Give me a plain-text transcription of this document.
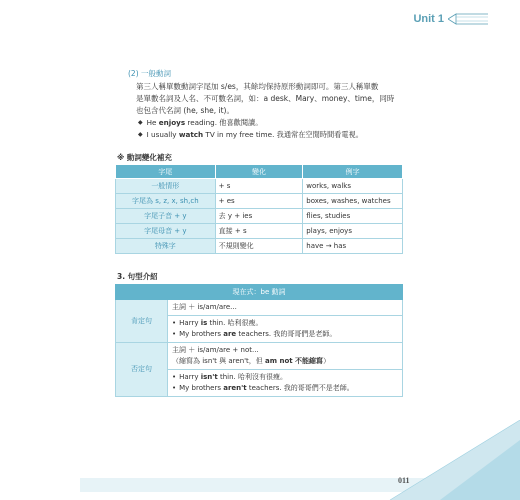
Unit 1
(2) 一般動詞
第三人稱單數動詞字尾加 s/es，其餘均保持原形動詞即可。第三人稱單數
是單數名詞及人名、不可數名詞，如：a desk、Mary、money、time，同時
也包含代名詞 (he, she, it)。
◆ He enjoys reading. 他喜歡閱讀。
◆ I usually watch TV in my free time. 我通常在空閒時間看電視。
※ 動詞變化補充
字尾	變化	例字
一般情形	+ s	works, walks
字尾為 s, z, x, sh,ch	+ es	boxes, washes, watches
字尾子音 + y	去 y + ies	flies, studies
字尾母音 + y	直接 + s	plays, enjoys
特殊字	不規則變化	have → has
3. 句型介紹
現在式：be 動詞	
肯定句	主詞 ＋ is/am/are...

	• Harry is thin. 哈利很瘦。
• My brothers are teachers. 我的哥哥們是老師。

否定句	主詞 ＋ is/am/are + not...
（縮寫為 isn't 與 aren't，但 am not 不能縮寫）

	• Harry isn't thin. 哈利沒有很瘦。
• My brothers aren't teachers. 我的哥哥們不是老師。
011
